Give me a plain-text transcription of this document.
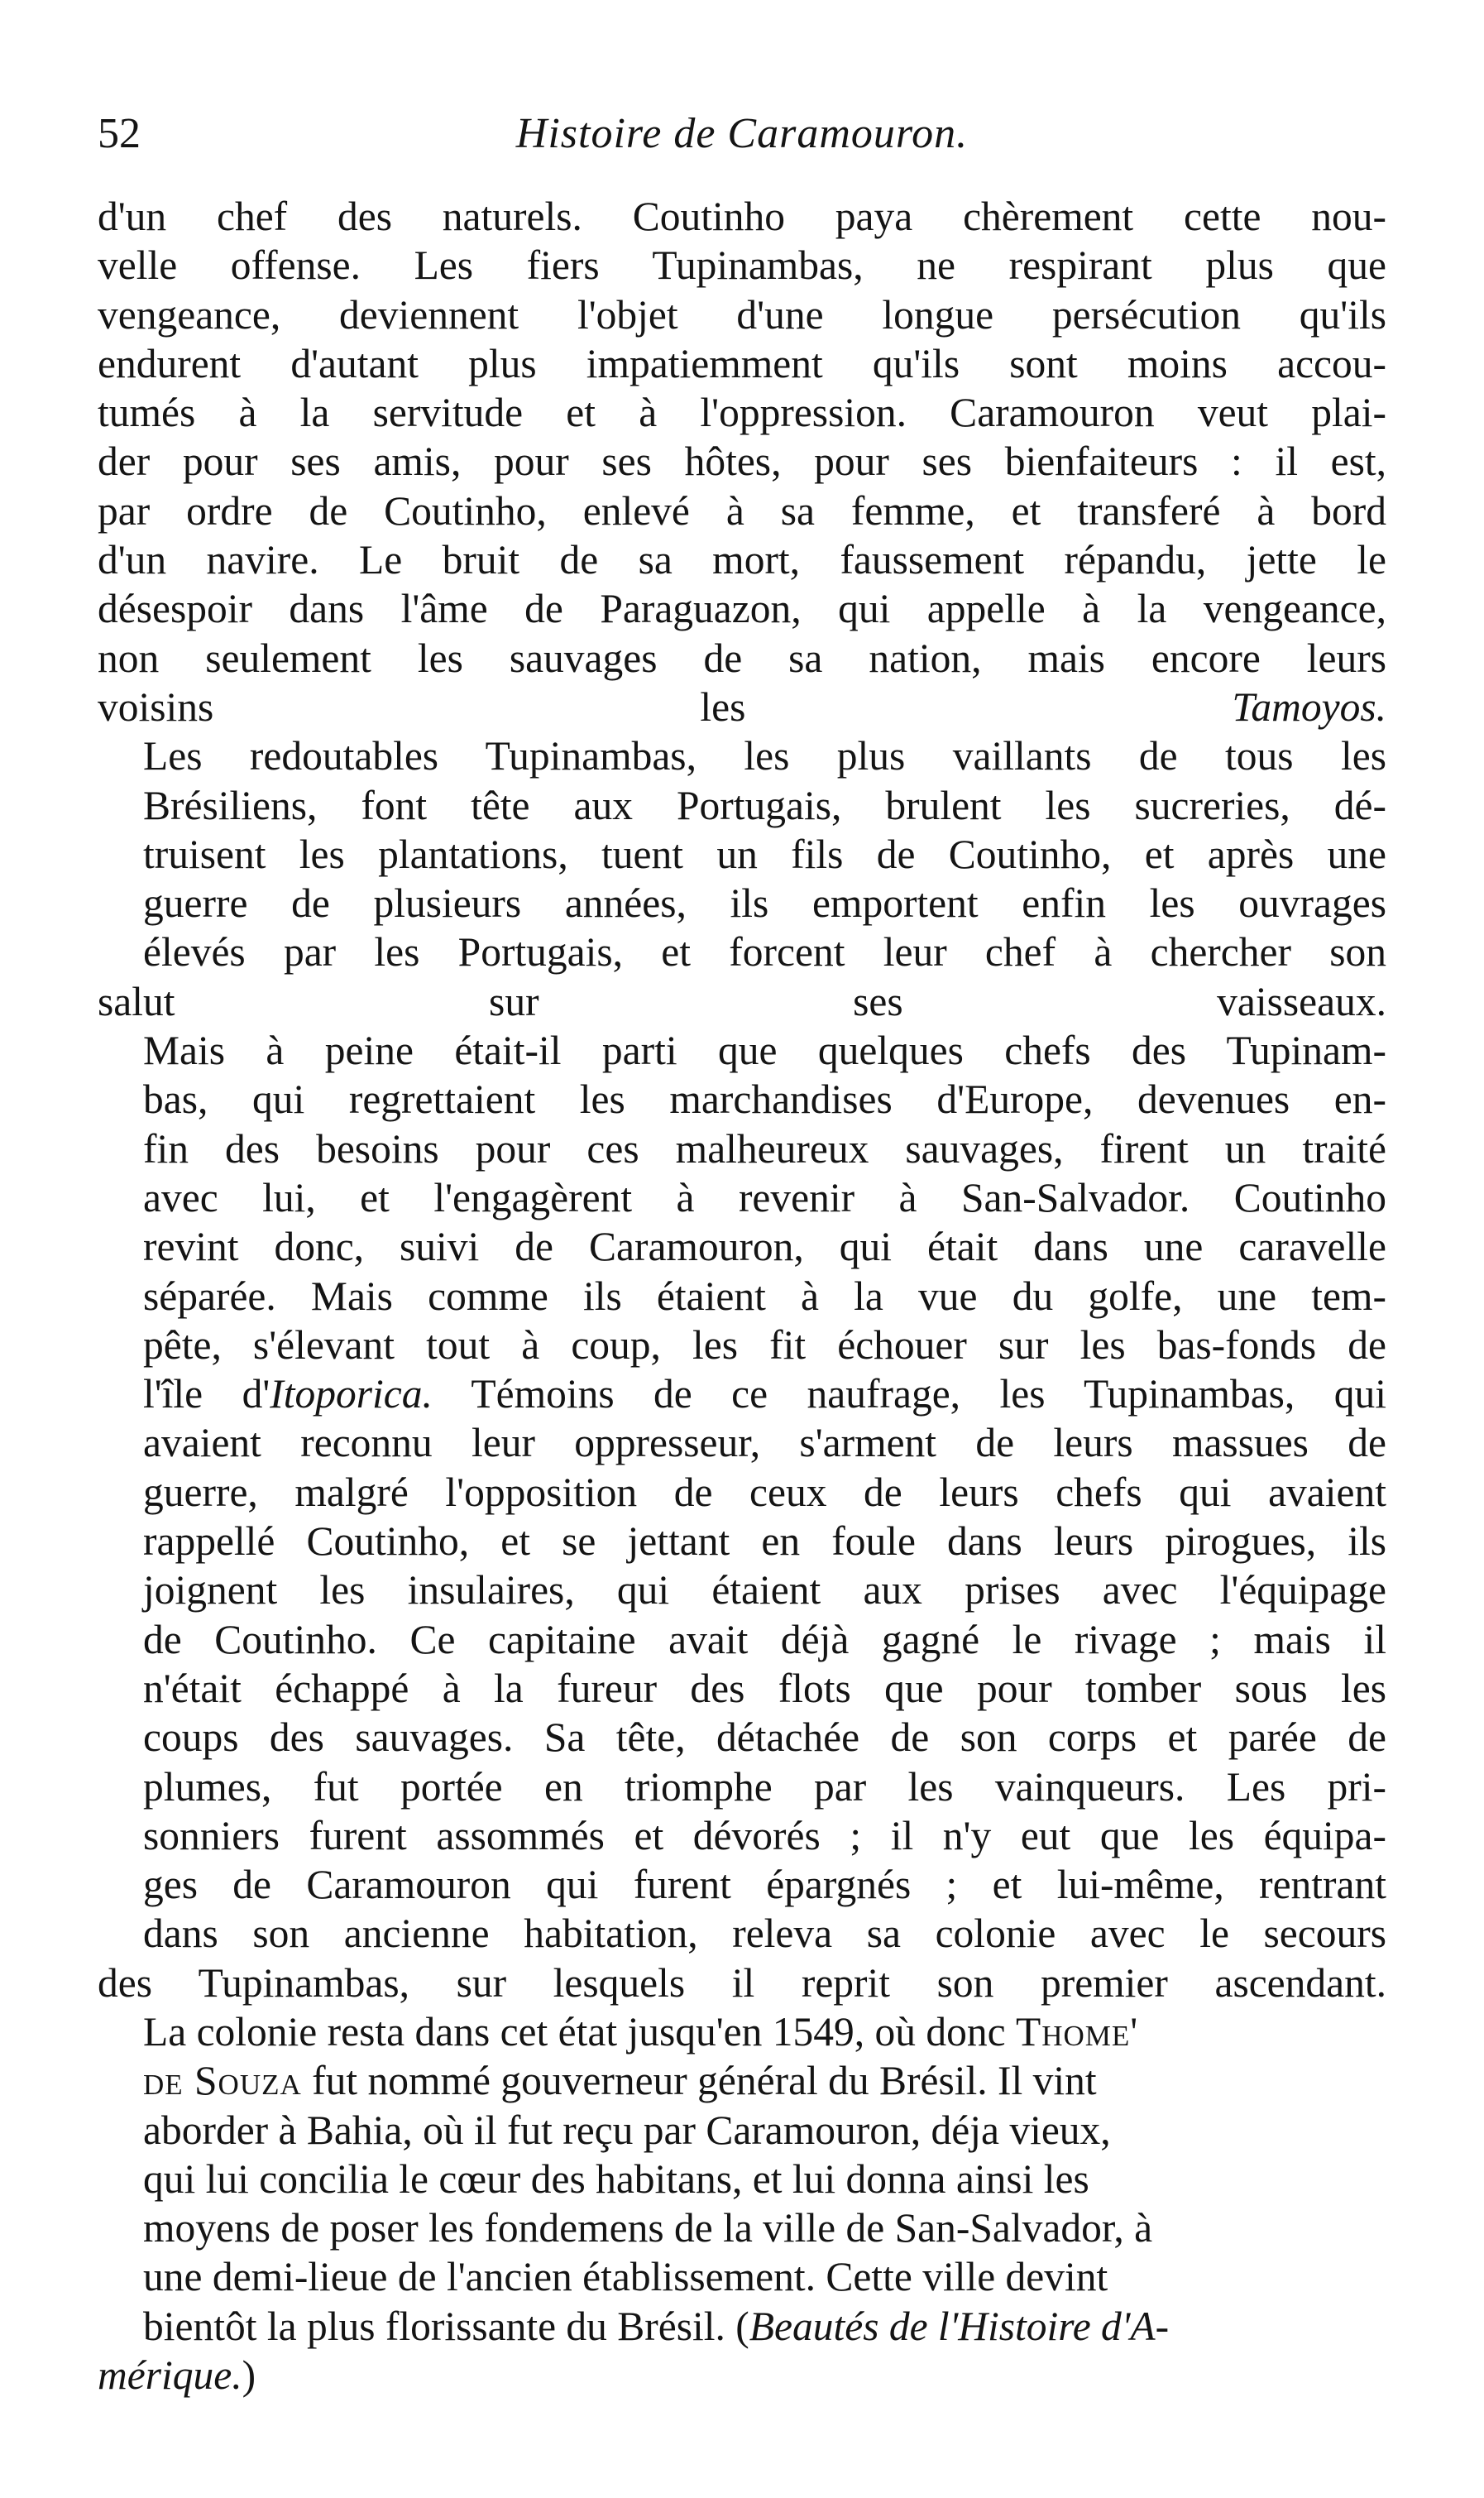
52	Histoire de Caramouron.

d'un chef des naturels. Coutinho paya chèrement cette nou-
velle offense. Les fiers Tupinambas, ne respirant plus que
vengeance, deviennent l'objet d'une longue persécution qu'ils
endurent d'autant plus impatiemment qu'ils sont moins accou-
tumés à la servitude et à l'oppression. Caramouron veut plai-
der pour ses amis, pour ses hôtes, pour ses bienfaiteurs : il est,
par ordre de Coutinho, enlevé à sa femme, et transferé à bord
d'un navire. Le bruit de sa mort, faussement répandu, jette le
désespoir dans l'âme de Paraguazon, qui appelle à la vengeance,
non seulement les sauvages de sa nation, mais encore leurs
voisins les Tamoyos.

Les redoutables Tupinambas, les plus vaillants de tous les
Brésiliens, font tête aux Portugais, brulent les sucreries, dé-
truisent les plantations, tuent un fils de Coutinho, et après une
guerre de plusieurs années, ils emportent enfin les ouvrages
élevés par les Portugais, et forcent leur chef à chercher son
salut sur ses vaisseaux.

Mais à peine était-il parti que quelques chefs des Tupinam-
bas, qui regrettaient les marchandises d'Europe, devenues en-
fin des besoins pour ces malheureux sauvages, firent un traité
avec lui, et l'engagèrent à revenir à San-Salvador. Coutinho
revint donc, suivi de Caramouron, qui était dans une caravelle
séparée. Mais comme ils étaient à la vue du golfe, une tem-
pête, s'élevant tout à coup, les fit échouer sur les bas-fonds de
l'île d'Itoporica. Témoins de ce naufrage, les Tupinambas, qui
avaient reconnu leur oppresseur, s'arment de leurs massues de
guerre, malgré l'opposition de ceux de leurs chefs qui avaient
rappellé Coutinho, et se jettant en foule dans leurs pirogues, ils
joignent les insulaires, qui étaient aux prises avec l'équipage
de Coutinho. Ce capitaine avait déjà gagné le rivage ; mais il
n'était échappé à la fureur des flots que pour tomber sous les
coups des sauvages. Sa tête, détachée de son corps et parée de
plumes, fut portée en triomphe par les vainqueurs. Les pri-
sonniers furent assommés et dévorés ; il n'y eut que les équipa-
ges de Caramouron qui furent épargnés ; et lui-même, rentrant
dans son ancienne habitation, releva sa colonie avec le secours
des Tupinambas, sur lesquels il reprit son premier ascendant.

La colonie resta dans cet état jusqu'en 1549, où donc Thome'
de Souza fut nommé gouverneur général du Brésil. Il vint
aborder à Bahia, où il fut reçu par Caramouron, déja vieux,
qui lui concilia le cœur des habitans, et lui donna ainsi les
moyens de poser les fondemens de la ville de San-Salvador, à
une demi-lieue de l'ancien établissement. Cette ville devint
bientôt la plus florissante du Brésil. (Beautés de l'Histoire d'A-
mérique.)
